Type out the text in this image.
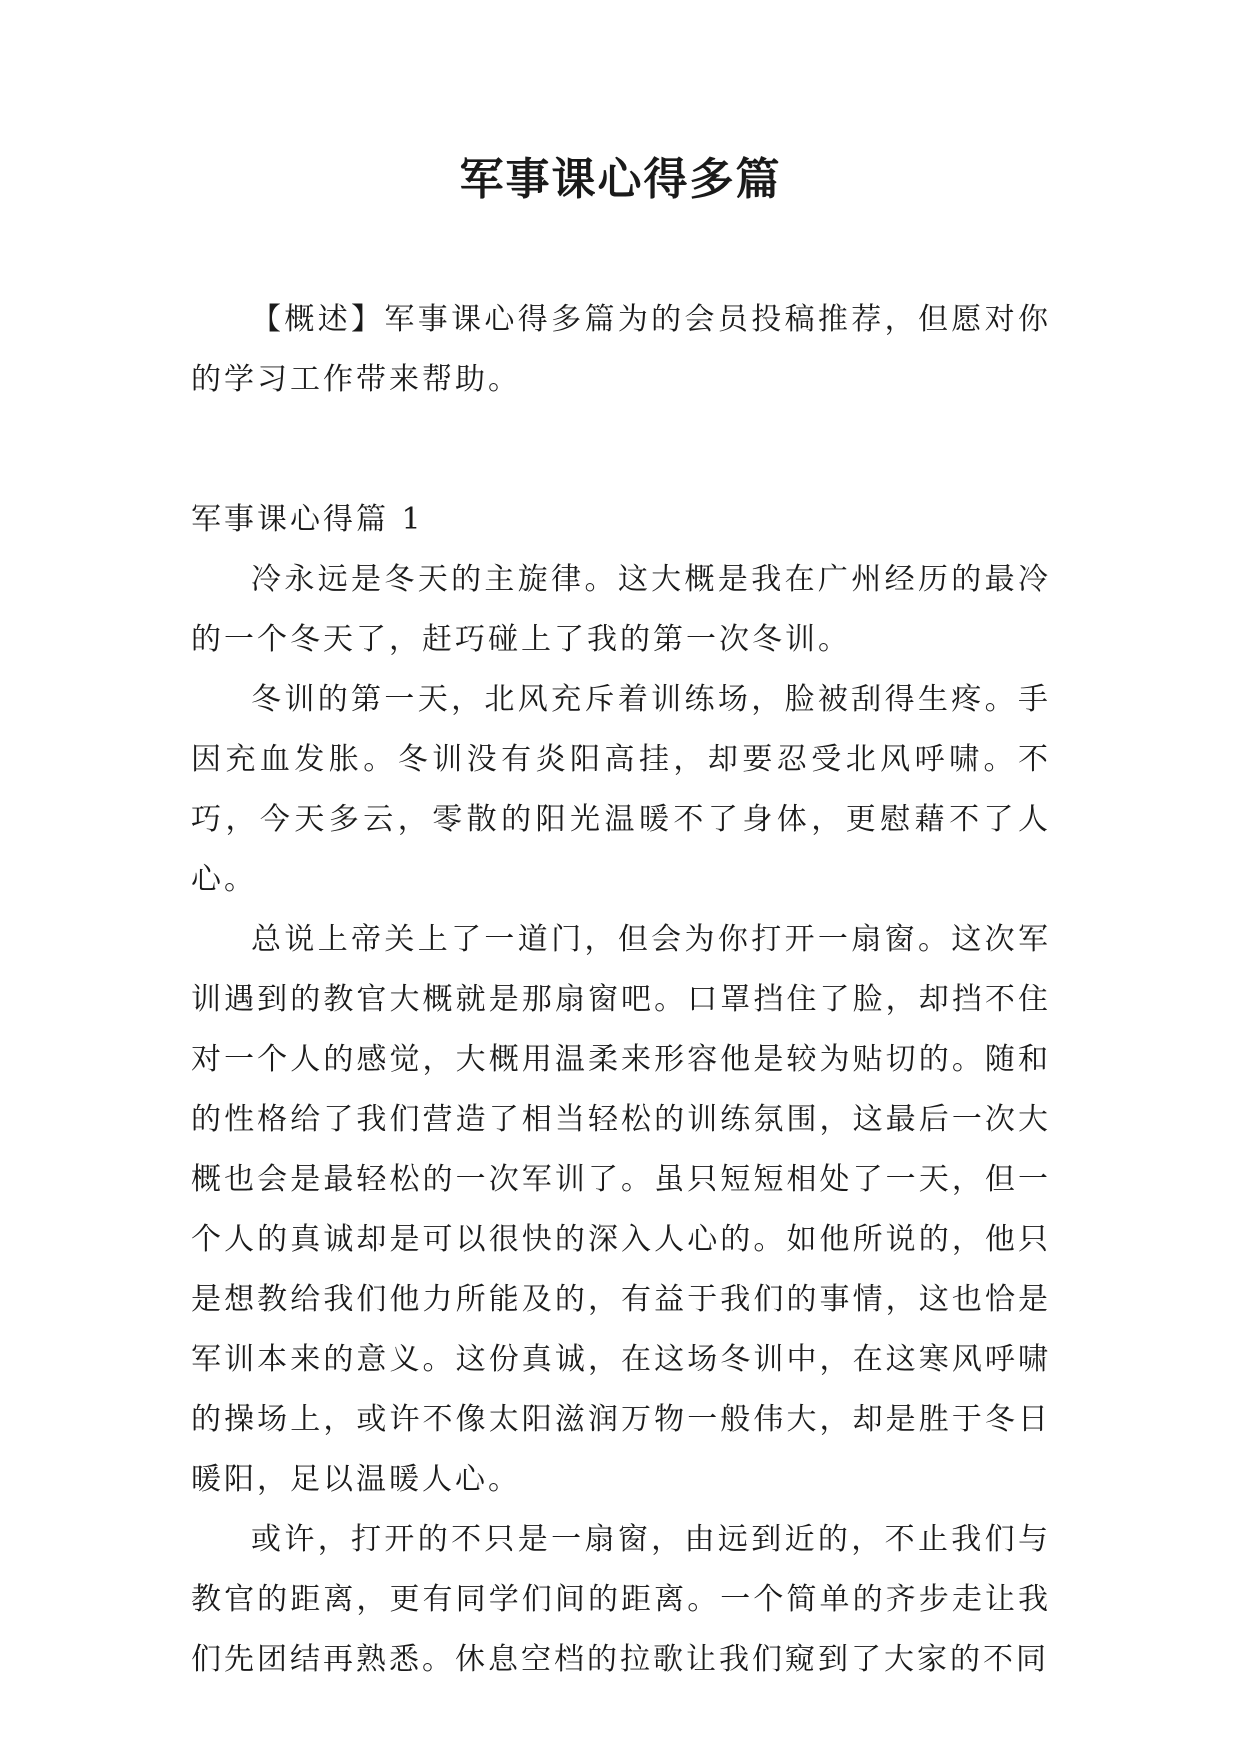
军事课心得多篇

【概述】军事课心得多篇为的会员投稿推荐，但愿对你的学习工作带来帮助。

军事课心得篇 1

冷永远是冬天的主旋律。这大概是我在广州经历的最冷的一个冬天了，赶巧碰上了我的第一次冬训。

冬训的第一天，北风充斥着训练场，脸被刮得生疼。手因充血发胀。冬训没有炎阳高挂，却要忍受北风呼啸。不巧，今天多云，零散的阳光温暖不了身体，更慰藉不了人心。

总说上帝关上了一道门，但会为你打开一扇窗。这次军训遇到的教官大概就是那扇窗吧。口罩挡住了脸，却挡不住对一个人的感觉，大概用温柔来形容他是较为贴切的。随和的性格给了我们营造了相当轻松的训练氛围，这最后一次大概也会是最轻松的一次军训了。虽只短短相处了一天，但一个人的真诚却是可以很快的深入人心的。如他所说的，他只是想教给我们他力所能及的，有益于我们的事情，这也恰是军训本来的意义。这份真诚，在这场冬训中，在这寒风呼啸的操场上，或许不像太阳滋润万物一般伟大，却是胜于冬日暖阳，足以温暖人心。

或许，打开的不只是一扇窗，由远到近的，不止我们与教官的距离，更有同学们间的距离。一个简单的齐步走让我们先团结再熟悉。休息空档的拉歌让我们窥到了大家的不同
